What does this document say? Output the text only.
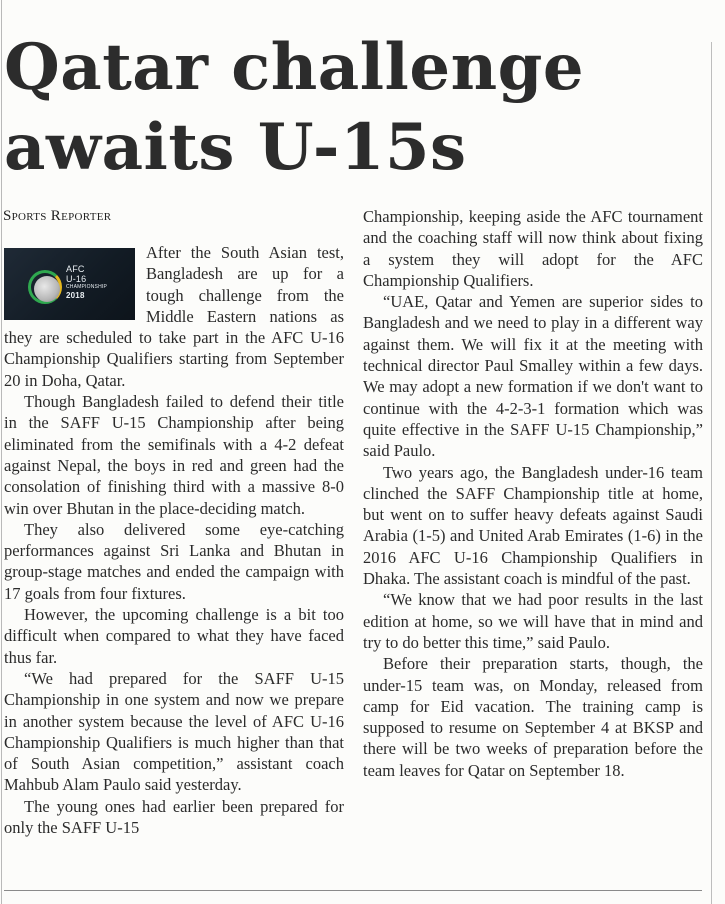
Qatar challenge
awaits U-15s
Sports Reporter

AFC
U-16
CHAMPIONSHIP
2018
After the South Asian test, Bangladesh are up for a tough challenge from the Middle Eastern nations as they are scheduled to take part in the AFC U-16 Championship Qualifiers starting from September 20 in Doha, Qatar.

Though Bangladesh failed to defend their title in the SAFF U-15 Championship after being eliminated from the semifinals with a 4-2 defeat against Nepal, the boys in red and green had the consolation of finishing third with a massive 8-0 win over Bhutan in the place-deciding match.

They also delivered some eye-catching performances against Sri Lanka and Bhutan in group-stage matches and ended the campaign with 17 goals from four fixtures.

However, the upcoming challenge is a bit too difficult when compared to what they have faced thus far.

“We had prepared for the SAFF U-15 Championship in one system and now we prepare in another system because the level of AFC U-16 Championship Qualifiers is much higher than that of South Asian competition,” assistant coach Mahbub Alam Paulo said yesterday.

The young ones had earlier been prepared for only the SAFF U-15

Championship, keeping aside the AFC tournament and the coaching staff will now think about fixing a system they will adopt for the AFC Championship Qualifiers.

“UAE, Qatar and Yemen are superior sides to Bangladesh and we need to play in a different way against them. We will fix it at the meeting with technical director Paul Smalley within a few days. We may adopt a new formation if we don't want to continue with the 4-2-3-1 formation which was quite effective in the SAFF U-15 Championship,” said Paulo.

Two years ago, the Bangladesh under-16 team clinched the SAFF Championship title at home, but went on to suffer heavy defeats against Saudi Arabia (1-5) and United Arab Emirates (1-6) in the 2016 AFC U-16 Championship Qualifiers in Dhaka. The assistant coach is mindful of the past.

“We know that we had poor results in the last edition at home, so we will have that in mind and try to do better this time,” said Paulo.

Before their preparation starts, though, the under-15 team was, on Monday, released from camp for Eid vacation. The training camp is supposed to resume on September 4 at BKSP and there will be two weeks of preparation before the team leaves for Qatar on September 18.
